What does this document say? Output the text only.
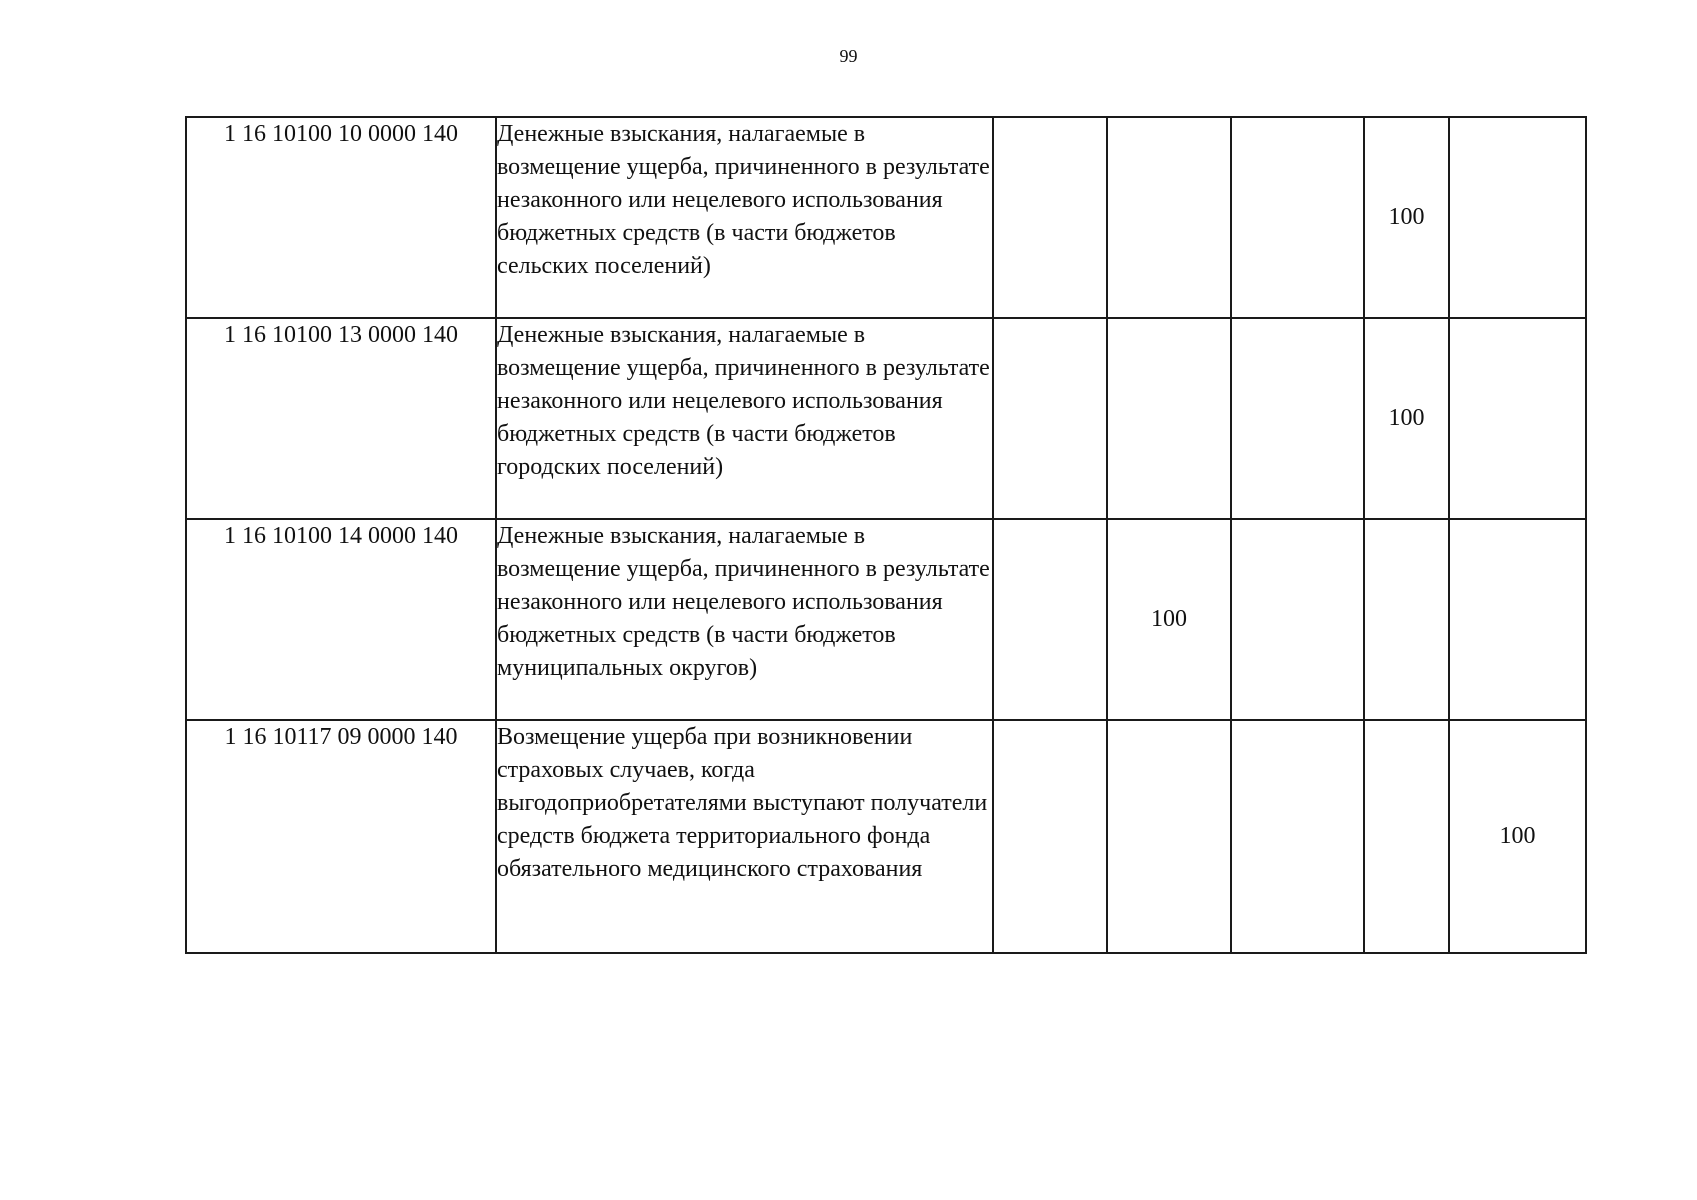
99
1 16 10100 10 0000 140	Денежные взыскания, налагаемые в возмещение ущерба, причиненного в результате незаконного или нецелевого использования бюджетных средств (в части бюджетов сельских поселений)				100	
1 16 10100 13 0000 140	Денежные взыскания, налагаемые в возмещение ущерба, причиненного в результате незаконного или нецелевого использования бюджетных средств (в части бюджетов городских поселений)				100	
1 16 10100 14 0000 140	Денежные взыскания, налагаемые в возмещение ущерба, причиненного в результате незаконного или нецелевого использования бюджетных средств (в части бюджетов муниципальных округов)		100			
1 16 10117 09 0000 140	Возмещение ущерба при возникновении страховых случаев, когда выгодоприобретателями выступают получатели средств бюджета территориального фонда обязательного медицинского страхования					100
